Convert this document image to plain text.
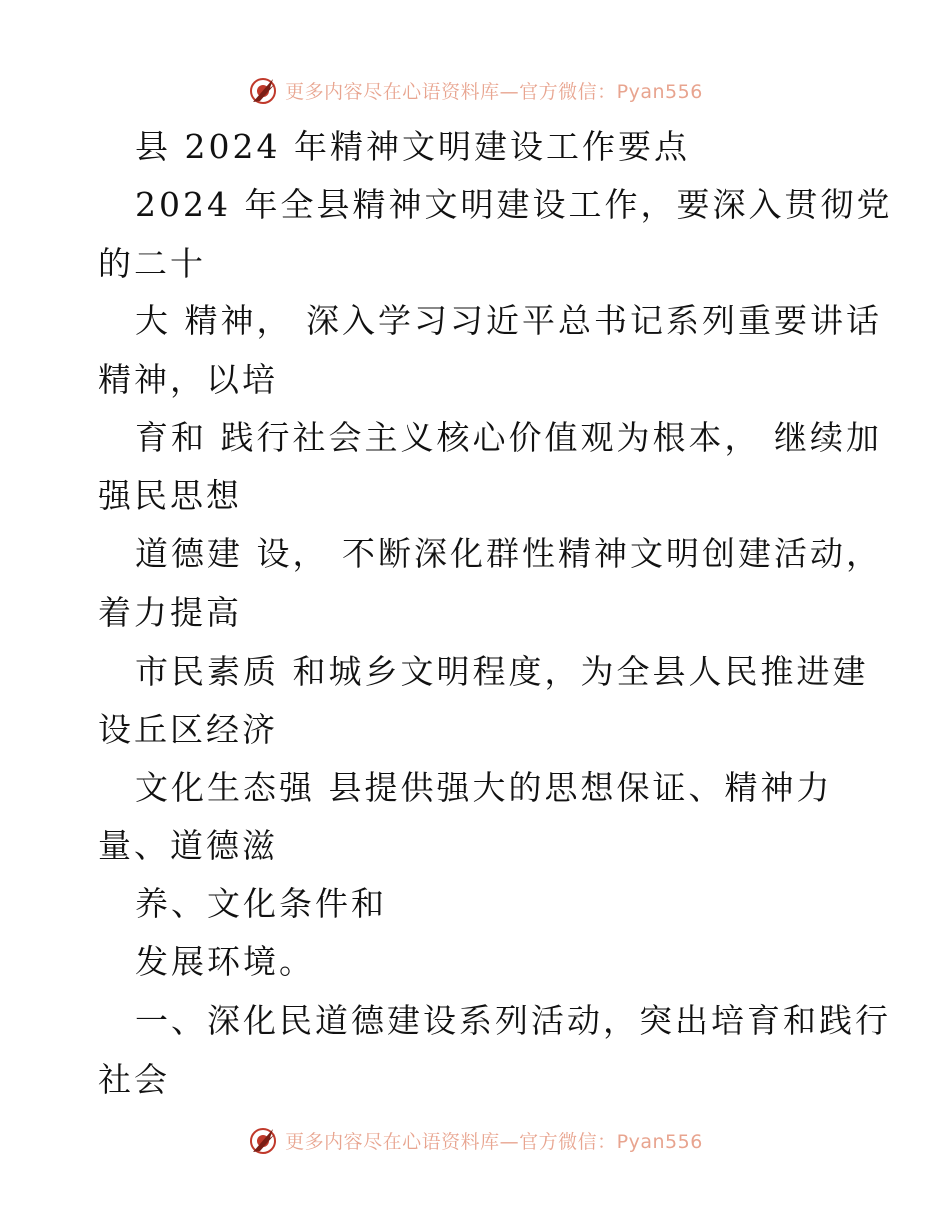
更多内容尽在心语资料库—官方微信：Pyan556
县 2024 年精神文明建设工作要点
2024 年全县精神文明建设工作，要深入贯彻党
的二十
大 精神， 深入学习习近平总书记系列重要讲话
精神，以培
育和 践行社会主义核心价值观为根本， 继续加
强民思想
道德建 设， 不断深化群性精神文明创建活动，
着力提高
市民素质 和城乡文明程度，为全县人民推进建
设丘区经济
文化生态强 县提供强大的思想保证、精神力
量、道德滋
养、文化条件和
发展环境。
一、深化民道德建设系列活动，突出培育和践行
社会
更多内容尽在心语资料库—官方微信：Pyan556
